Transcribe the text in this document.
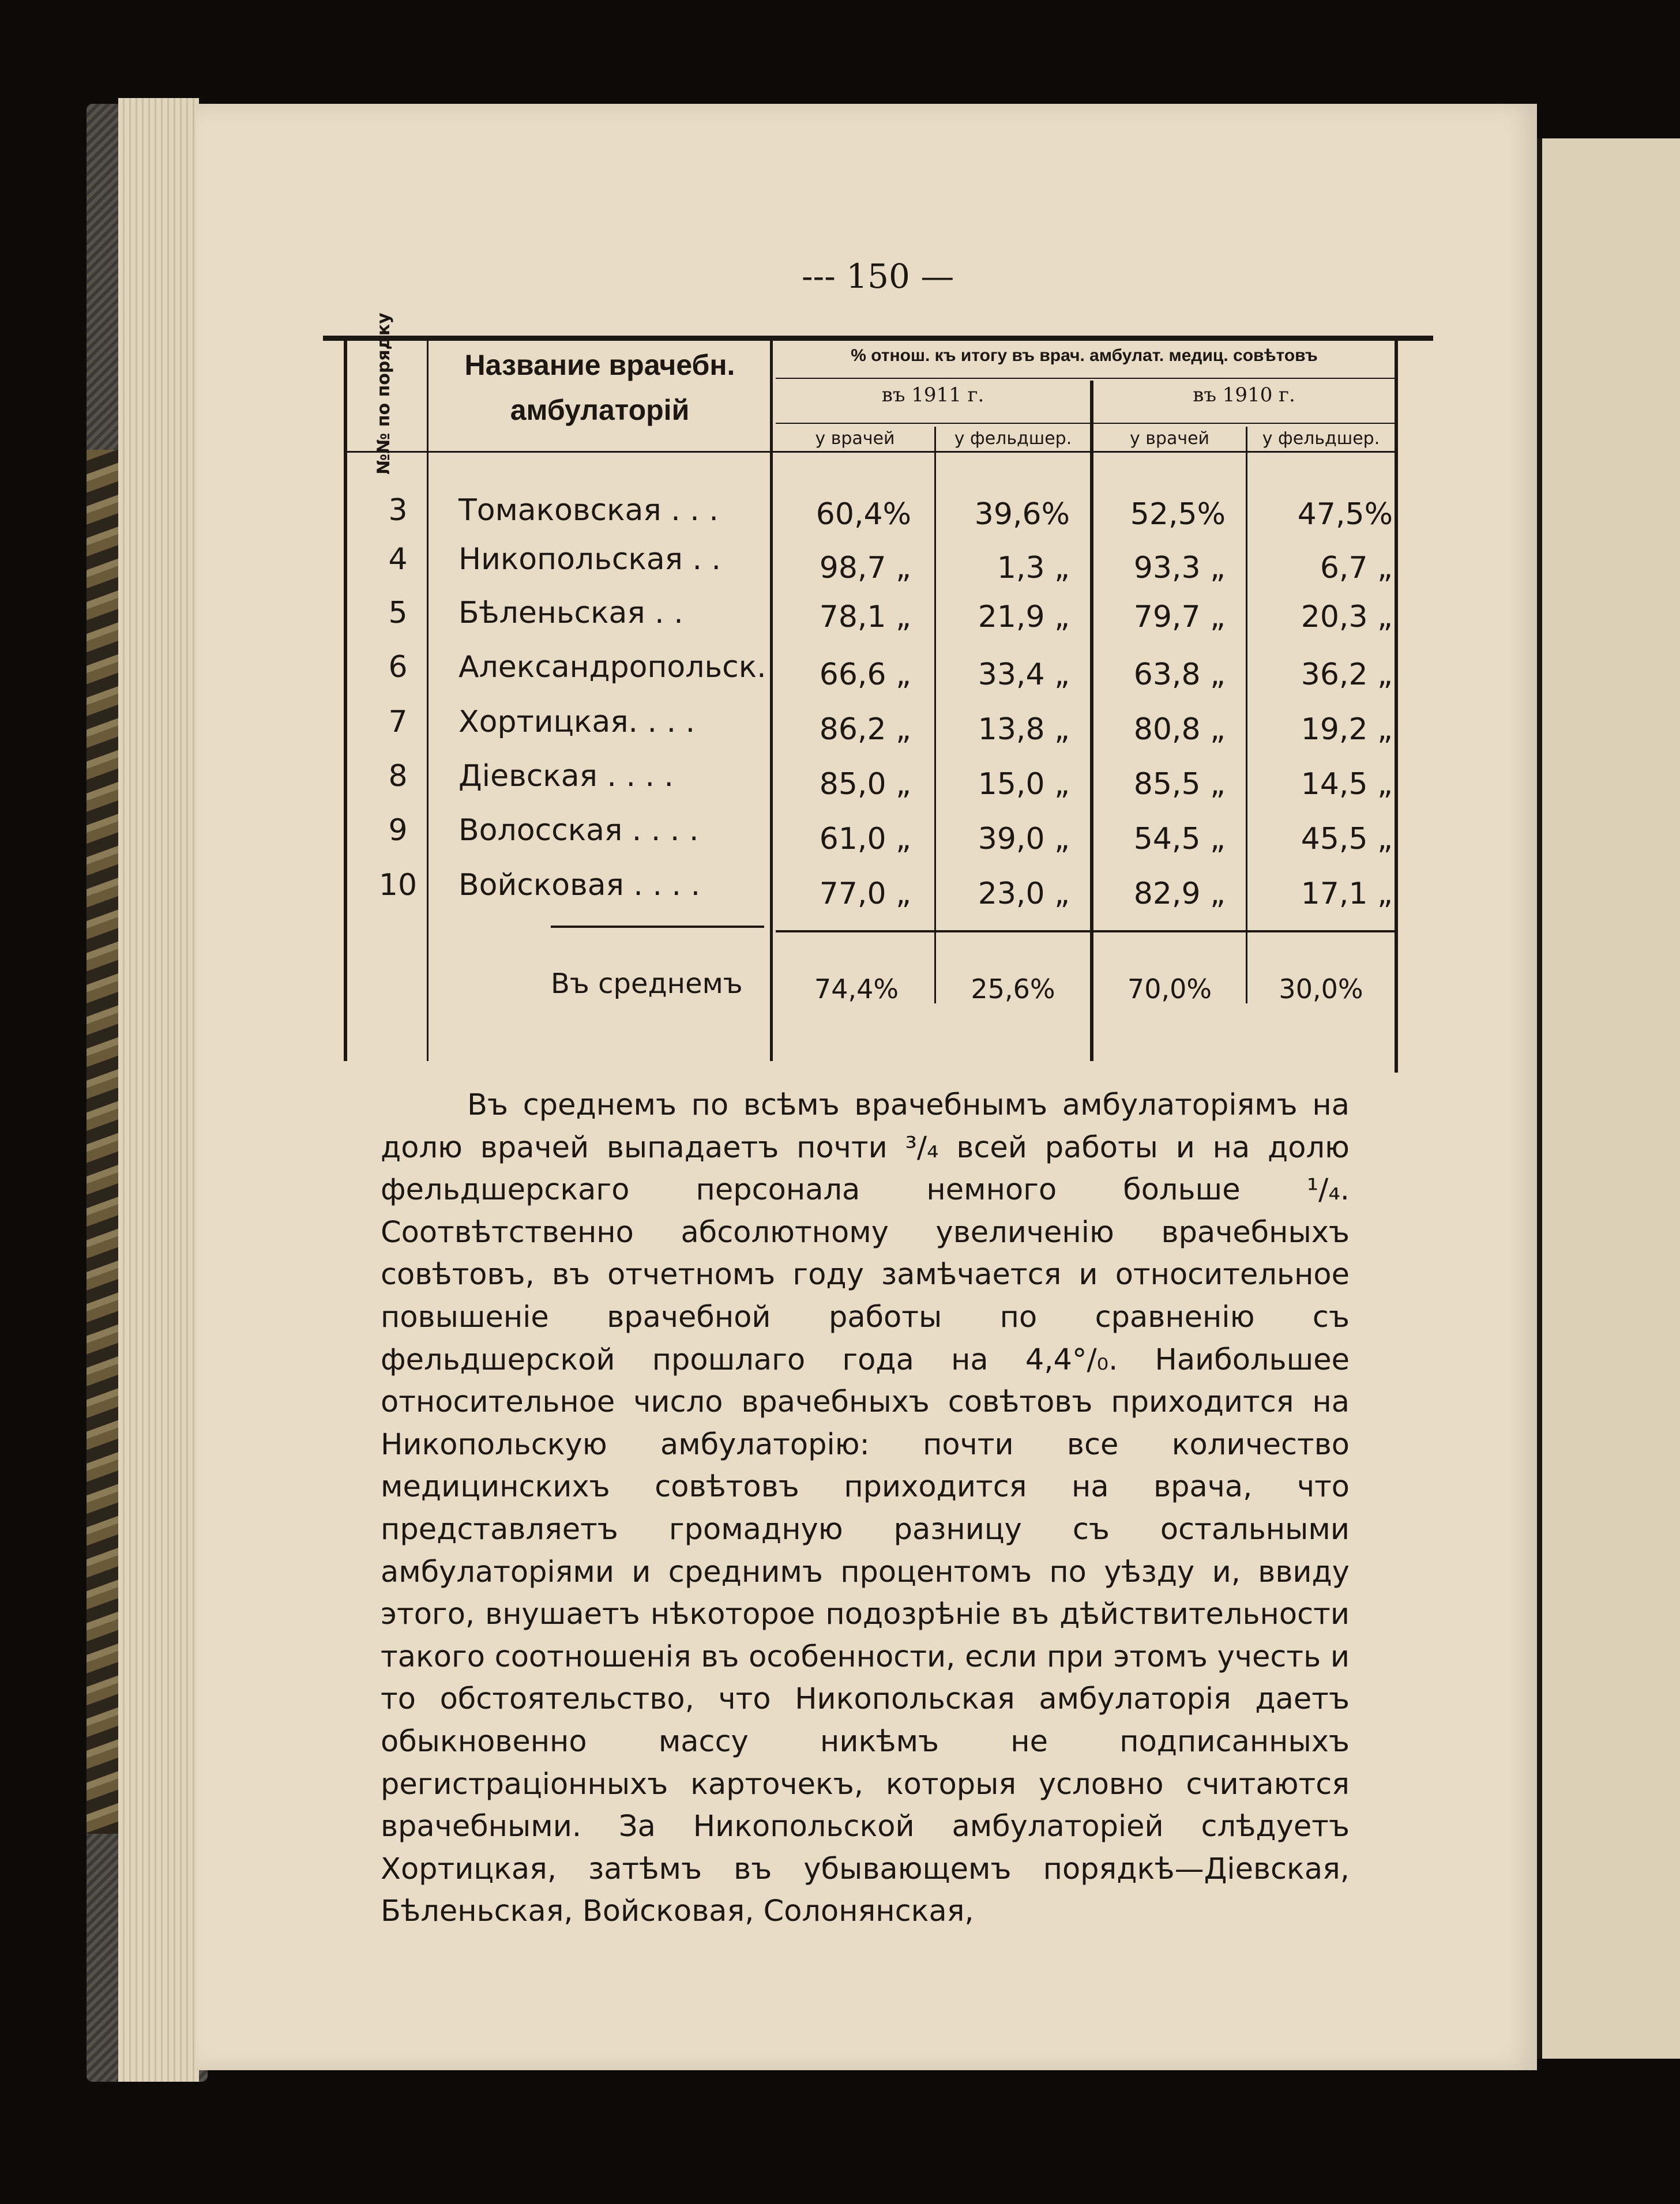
--- 150 —
№№ по порядку	Название врачебн. амбулаторій
% отнош. къ итогу въ врач. амбулат. медиц. совѣтовъ
въ 1911 г.	въ 1910 г.
у врачей	у фельдшер.	у врачей	у фельдшер.
3	Томаковская . . .	60,4%	39,6%	52,5%	47,5%
4	Никопольская . .	98,7 „	1,3 „	93,3 „	6,7 „
5	Бѣленьская . .	78,1 „	21,9 „	79,7 „	20,3 „
6	Александропольск.	66,6 „	33,4 „	63,8 „	36,2 „
7	Хортицкая. . . .	86,2 „	13,8 „	80,8 „	19,2 „
8	Діевская . . . .	85,0 „	15,0 „	85,5 „	14,5 „
9	Волосская . . . .	61,0 „	39,0 „	54,5 „	45,5 „
10	Войсковая . . . .	77,0 „	23,0 „	82,9 „	17,1 „
Въ среднемъ	74,4%	25,6%	70,0%	30,0%

Въ среднемъ по всѣмъ врачебнымъ амбулаторіямъ на долю врачей выпадаетъ почти ³/₄ всей работы и на долю фельдшерскаго персонала немного больше ¹/₄. Соотвѣтственно абсолютному увеличенію врачебныхъ совѣтовъ, въ отчетномъ году замѣчается и относительное повышеніе врачебной работы по сравненію съ фельдшерской прошлаго года на 4,4°/₀. Наибольшее относительное число врачебныхъ совѣтовъ приходится на Никопольскую амбулаторію: почти все количество медицинскихъ совѣтовъ приходится на врача, что представляетъ громадную разницу съ остальными амбулаторіями и среднимъ процентомъ по уѣзду и, ввиду этого, внушаетъ нѣкоторое подозрѣніе въ дѣйствительности такого соотношенія въ особенности, если при этомъ учесть и то обстоятельство, что Никопольская амбулаторія даетъ обыкновенно массу никѣмъ не подписанныхъ регистраціонныхъ карточекъ, которыя условно считаются врачебными. За Никопольской амбулаторіей слѣдуетъ Хортицкая, затѣмъ въ убывающемъ порядкѣ—Діевская, Бѣленьская, Войсковая, Солонянская,
